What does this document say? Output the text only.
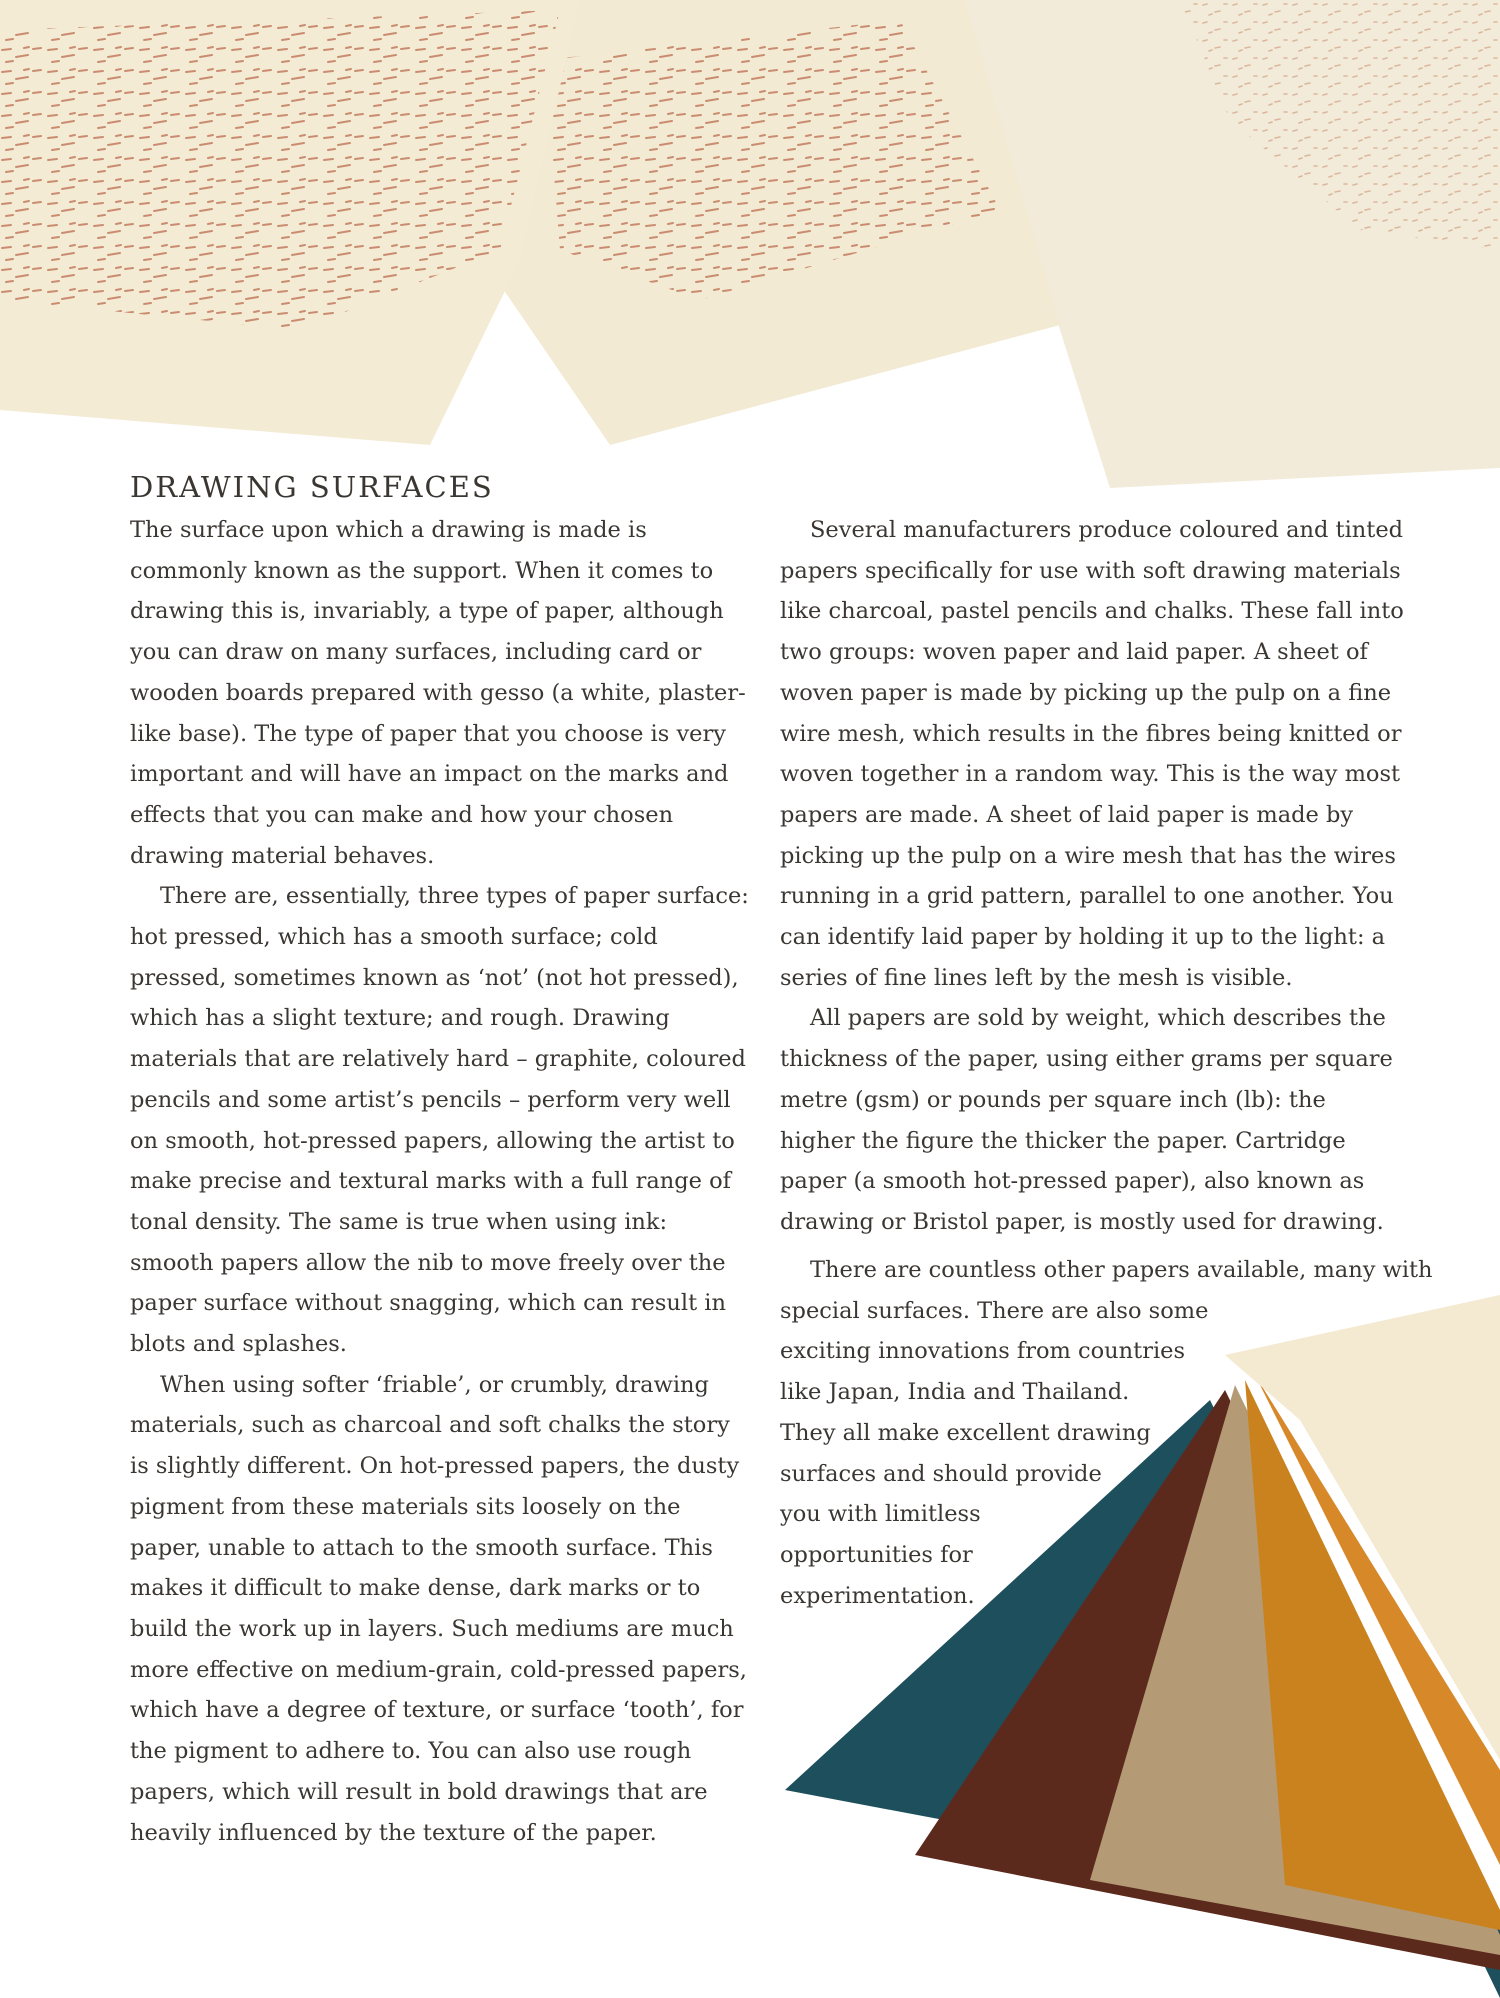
DRAWING SURFACES

The surface upon which a drawing is made is commonly known as the support. When it comes to drawing this is, invariably, a type of paper, although you can draw on many surfaces, including card or wooden boards prepared with gesso (a white, plaster-like base). The type of paper that you choose is very important and will have an impact on the marks and effects that you can make and how your chosen drawing material behaves.

There are, essentially, three types of paper surface: hot pressed, which has a smooth surface; cold pressed, sometimes known as ‘not’ (not hot pressed), which has a slight texture; and rough. Drawing materials that are relatively hard – graphite, coloured pencils and some artist’s pencils – perform very well on smooth, hot-pressed papers, allowing the artist to make precise and textural marks with a full range of tonal density. The same is true when using ink: smooth papers allow the nib to move freely over the paper surface without snagging, which can result in blots and splashes.

When using softer ‘friable’, or crumbly, drawing materials, such as charcoal and soft chalks the story is slightly different. On hot-pressed papers, the dusty pigment from these materials sits loosely on the paper, unable to attach to the smooth surface. This makes it difficult to make dense, dark marks or to build the work up in layers. Such mediums are much more effective on medium-grain, cold-pressed papers, which have a degree of texture, or surface ‘tooth’, for the pigment to adhere to. You can also use rough papers, which will result in bold drawings that are heavily influenced by the texture of the paper.

Several manufacturers produce coloured and tinted papers specifically for use with soft drawing materials like charcoal, pastel pencils and chalks. These fall into two groups: woven paper and laid paper. A sheet of woven paper is made by picking up the pulp on a fine wire mesh, which results in the fibres being knitted or woven together in a random way. This is the way most papers are made. A sheet of laid paper is made by picking up the pulp on a wire mesh that has the wires running in a grid pattern, parallel to one another. You can identify laid paper by holding it up to the light: a series of fine lines left by the mesh is visible.

All papers are sold by weight, which describes the thickness of the paper, using either grams per square metre (gsm) or pounds per square inch (lb): the higher the figure the thicker the paper. Cartridge paper (a smooth hot-pressed paper), also known as drawing or Bristol paper, is mostly used for drawing.

There are countless other papers available, many with
special surfaces. There are also some
exciting innovations from countries
like Japan, India and Thailand.
They all make excellent drawing
surfaces and should provide
you with limitless
opportunities for
experimentation.
